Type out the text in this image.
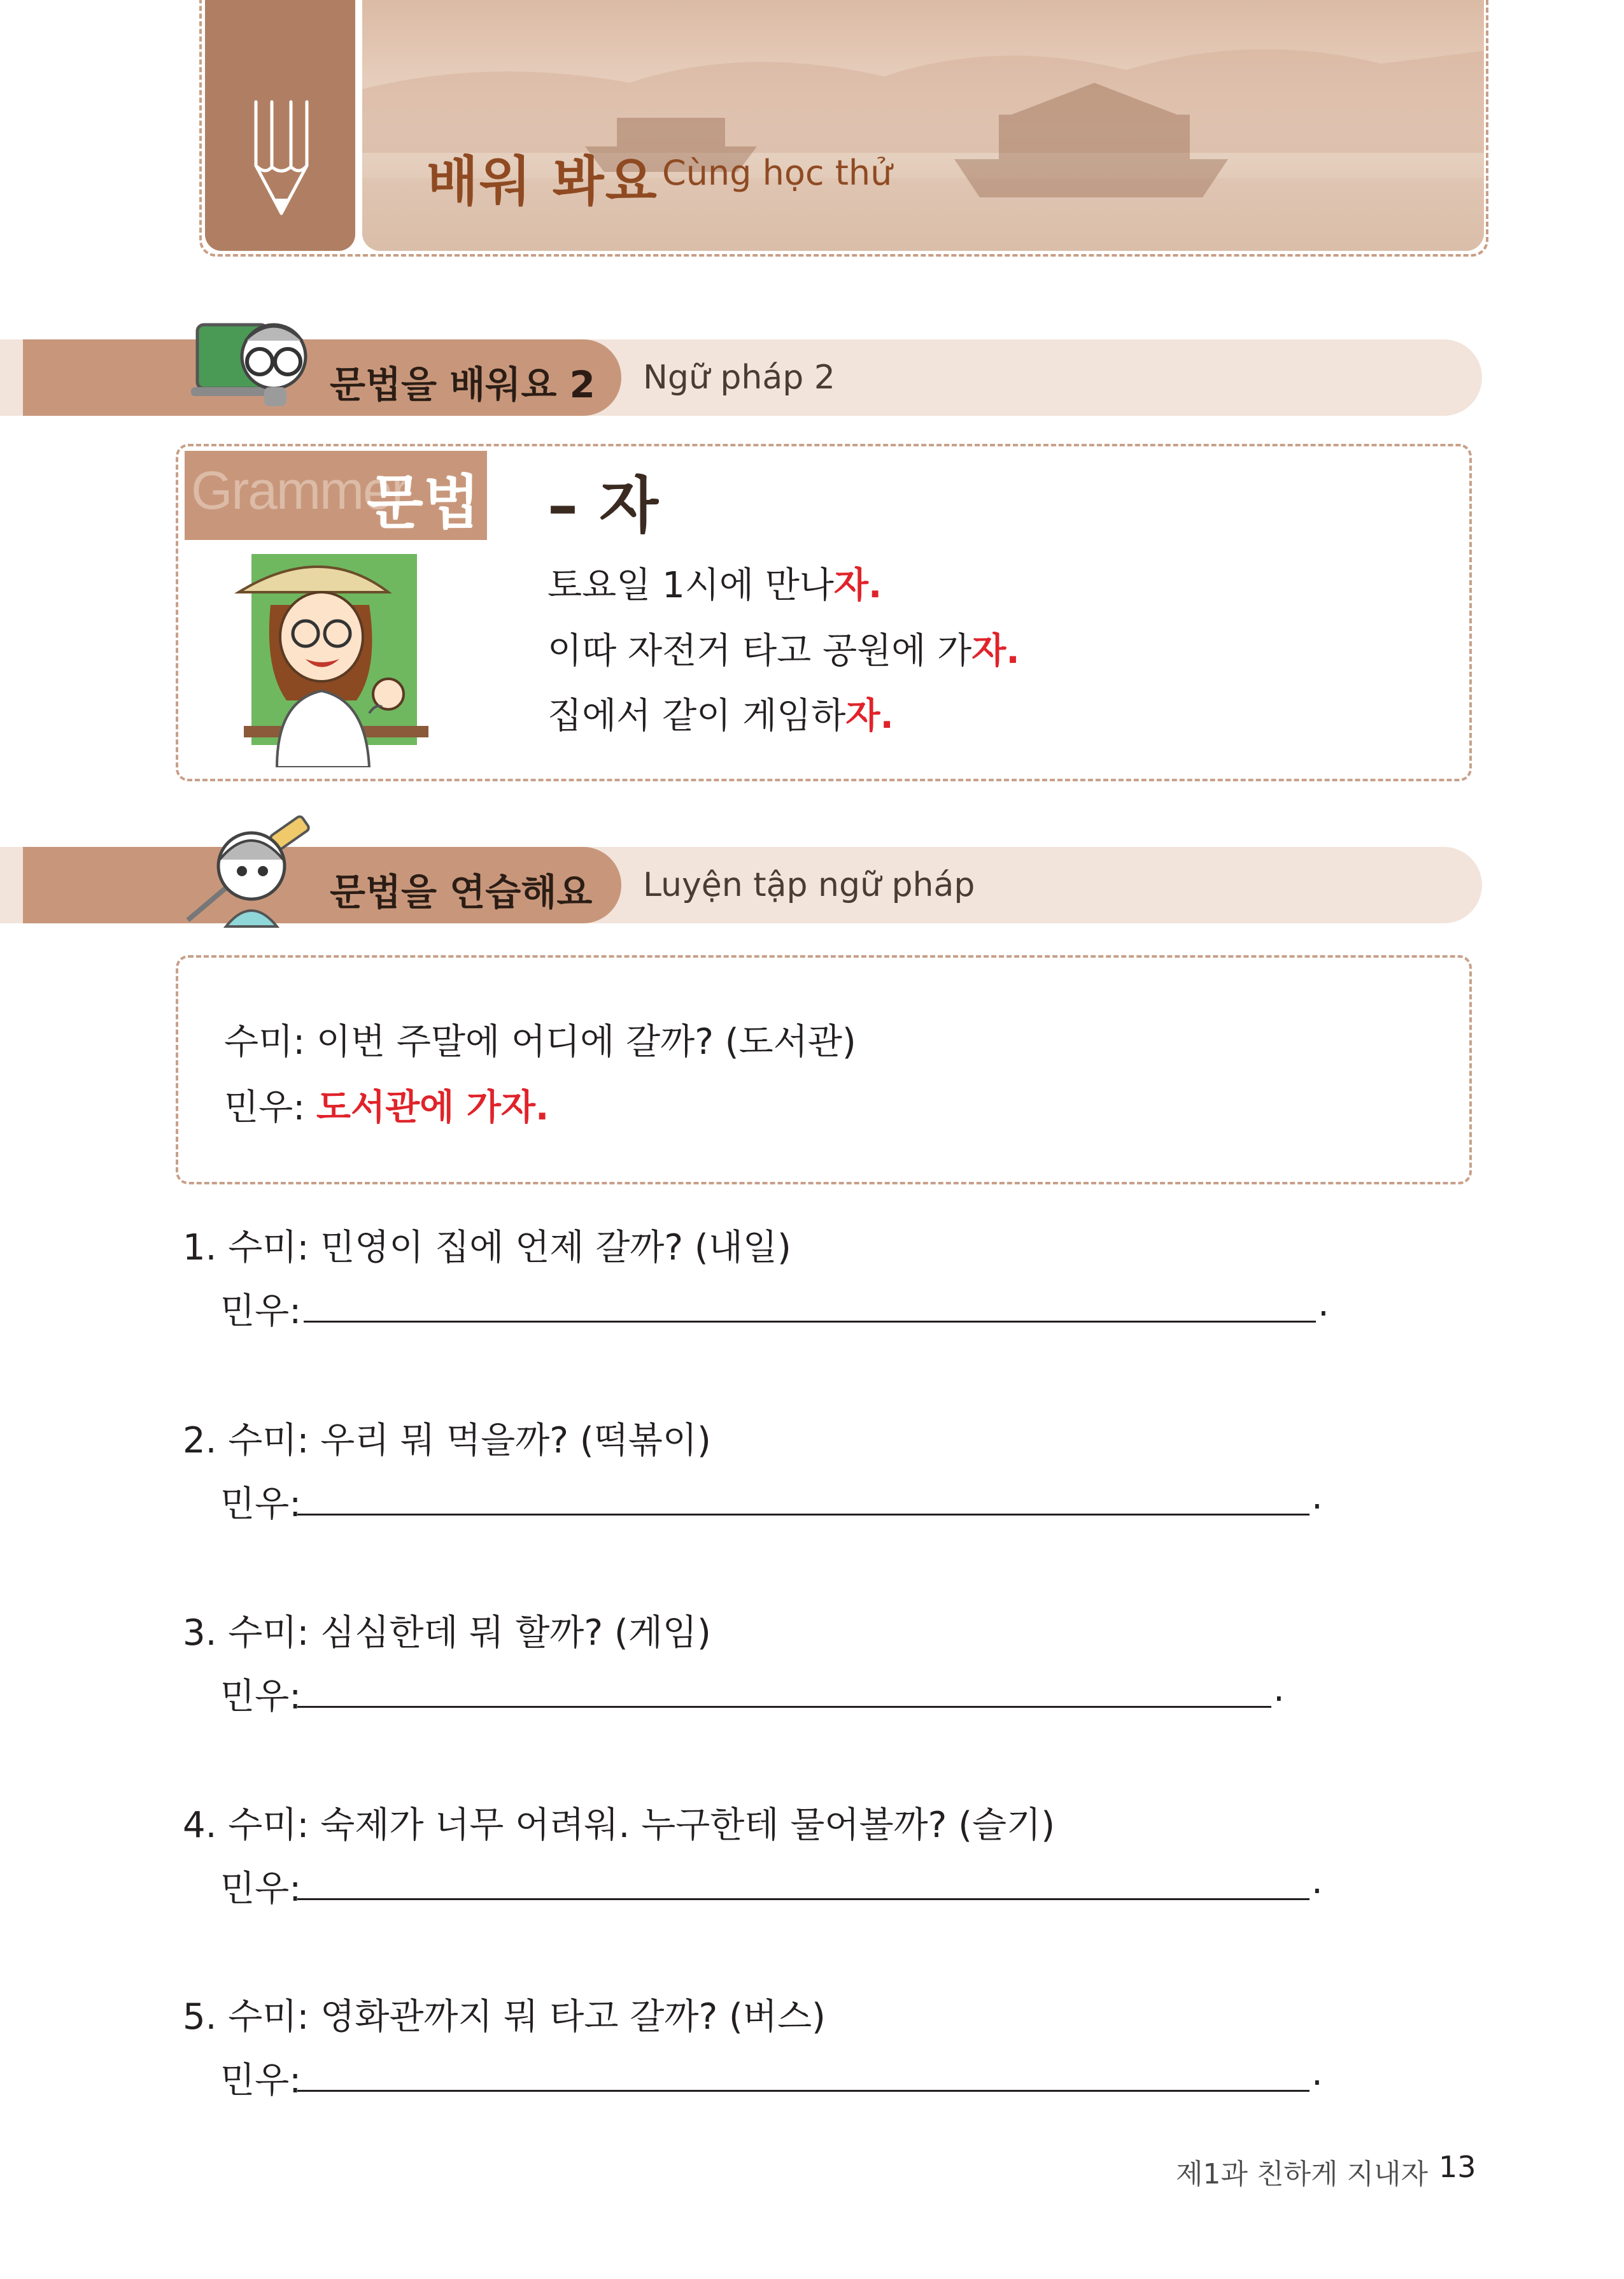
배워 봐요 Cùng học thử
문법을 배워요 2 Ngữ pháp 2
Grammer
문법 – 자
토요일 1시에 만나자.
이따 자전거 타고 공원에 가자.
집에서 같이 게임하자.
문법을 연습해요 Luyện tập ngữ pháp
수미: 이번 주말에 어디에 갈까? (도서관)
민우: 도서관에 가자.
1. 수미: 민영이 집에 언제 갈까? (내일)
민우:	.
2. 수미: 우리 뭐 먹을까? (떡볶이)
민우:	.
3. 수미: 심심한데 뭐 할까? (게임)
민우:	.
4. 수미: 숙제가 너무 어려워. 누구한테 물어볼까? (슬기)
민우:	.
5. 수미: 영화관까지 뭐 타고 갈까? (버스)
민우:	.
제1과 친하게 지내자 13
